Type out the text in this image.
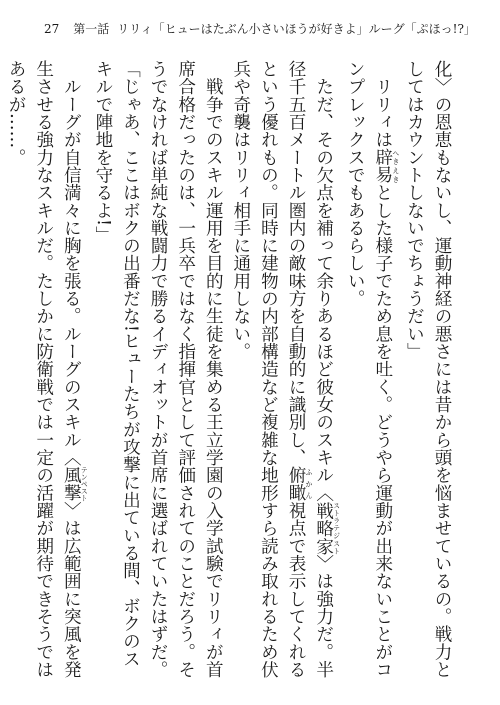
27 第一話 リリィ「ヒューはたぶん小さいほうが好きよ」ルーグ「ぷほっ!?」

化〉の恩恵もないし、運動神経の悪さには昔から頭を悩ませているの。戦力としてはカウントしないでちょうだい」

　リリィは辟易 へきえきとした様子でため息を吐く。どうやら運動が出来ないことがコンプレックスでもあるらしい。

　ただ、その欠点を補って余りあるほど彼女のスキル〈戦略家 ストラテジスト〉は強力だ。半径千五百メートル圏内の敵味方を自動的に識別し、俯瞰 ふかん視点で表示してくれるという優れもの。同時に建物の内部構造など複雑な地形すら読み取れるため伏兵や奇襲はリリィ相手に通用しない。

　戦争でのスキル運用を目的に生徒を集める王立学園の入学試験でリリィが首席合格だったのは、一兵卒ではなく指揮官として評価されてのことだろう。そうでなければ単純な戦闘力で勝るイディオットが首席に選ばれていたはずだ。

「じゃあ、ここはボクの出番だな!ヒューたちが攻撃に出ている間、ボクのスキルで陣地を守るよ!」

　ルーグが自信満々に胸を張る。ルーグのスキル〈風撃 テンペスト〉は広範囲に突風を発生させる強力なスキルだ。たしかに防衛戦では一定の活躍が期待できそうではあるが……。
